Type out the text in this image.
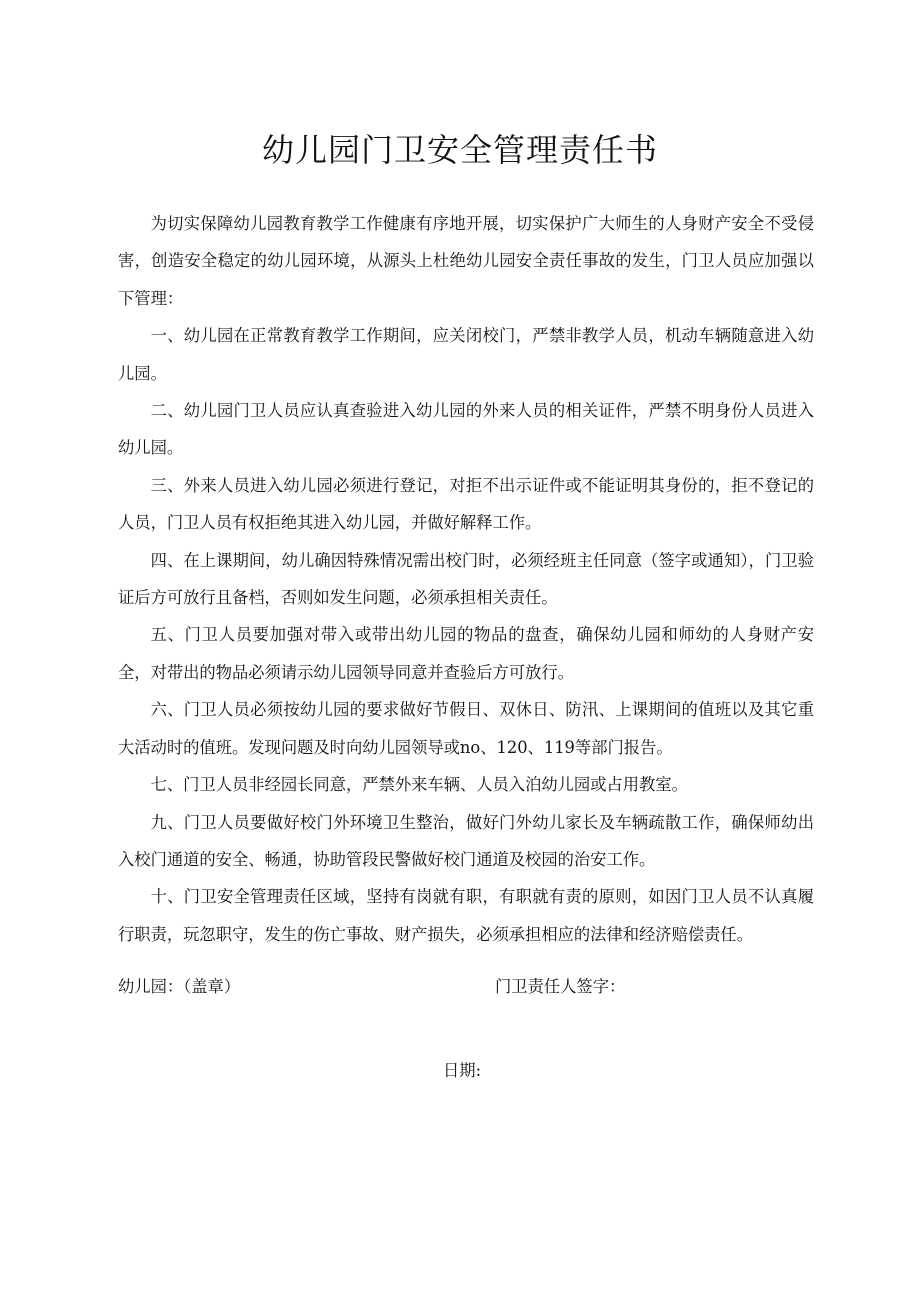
幼儿园门卫安全管理责任书

为切实保障幼儿园教育教学工作健康有序地开展，切实保护广大师生的人身财产安全不受侵害，创造安全稳定的幼儿园环境，从源头上杜绝幼儿园安全责任事故的发生，门卫人员应加强以下管理：

一、幼儿园在正常教育教学工作期间，应关闭校门，严禁非教学人员，机动车辆随意进入幼儿园。

二、幼儿园门卫人员应认真查验进入幼儿园的外来人员的相关证件，严禁不明身份人员进入幼儿园。

三、外来人员进入幼儿园必须进行登记，对拒不出示证件或不能证明其身份的，拒不登记的人员，门卫人员有权拒绝其进入幼儿园，并做好解释工作。

四、在上课期间，幼儿确因特殊情况需出校门时，必须经班主任同意（签字或通知），门卫验证后方可放行且备档，否则如发生问题，必须承担相关责任。

五、门卫人员要加强对带入或带出幼儿园的物品的盘查，确保幼儿园和师幼的人身财产安全，对带出的物品必须请示幼儿园领导同意并查验后方可放行。

六、门卫人员必须按幼儿园的要求做好节假日、双休日、防汛、上课期间的值班以及其它重大活动时的值班。发现问题及时向幼儿园领导或no、120、119等部门报告。

七、门卫人员非经园长同意，严禁外来车辆、人员入泊幼儿园或占用教室。

九、门卫人员要做好校门外环境卫生整治，做好门外幼儿家长及车辆疏散工作，确保师幼出入校门通道的安全、畅通，协助管段民警做好校门通道及校园的治安工作。

十、门卫安全管理责任区域，坚持有岗就有职，有职就有责的原则，如因门卫人员不认真履行职责，玩忽职守，发生的伤亡事故、财产损失，必须承担相应的法律和经济赔偿责任。

幼儿园：（盖章）	门卫责任人签字：
日期:
